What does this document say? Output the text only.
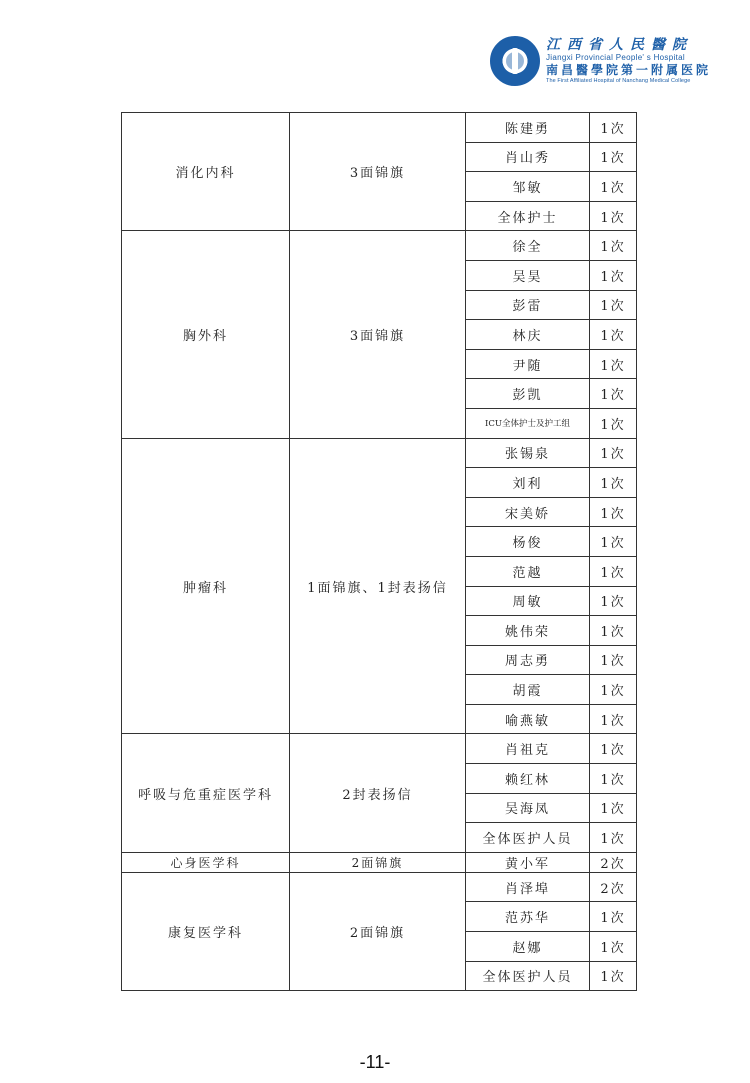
江西省人民醫院
Jiangxi Provincial People' s Hospital
南昌醫學院第一附属医院
The First Affiliated Hospital of Nanchang Medical College
消化内科	3面锦旗	陈建勇	1次
		肖山秀	1次
		邹敏	1次
		全体护士	1次
胸外科	3面锦旗	徐全	1次
		吴昊	1次
		彭雷	1次
		林庆	1次
		尹随	1次
		彭凯	1次
		ICU全体护士及护工组	1次
肿瘤科	1面锦旗、1封表扬信	张锡泉	1次
		刘利	1次
		宋美娇	1次
		杨俊	1次
		范越	1次
		周敏	1次
		姚伟荣	1次
		周志勇	1次
		胡霞	1次
		喻燕敏	1次
呼吸与危重症医学科	2封表扬信	肖祖克	1次
		赖红林	1次
		吴海凤	1次
		全体医护人员	1次
心身医学科	2面锦旗	黄小军	2次
康复医学科	2面锦旗	肖泽埠	2次
		范苏华	1次
		赵娜	1次
		全体医护人员	1次
-11-
